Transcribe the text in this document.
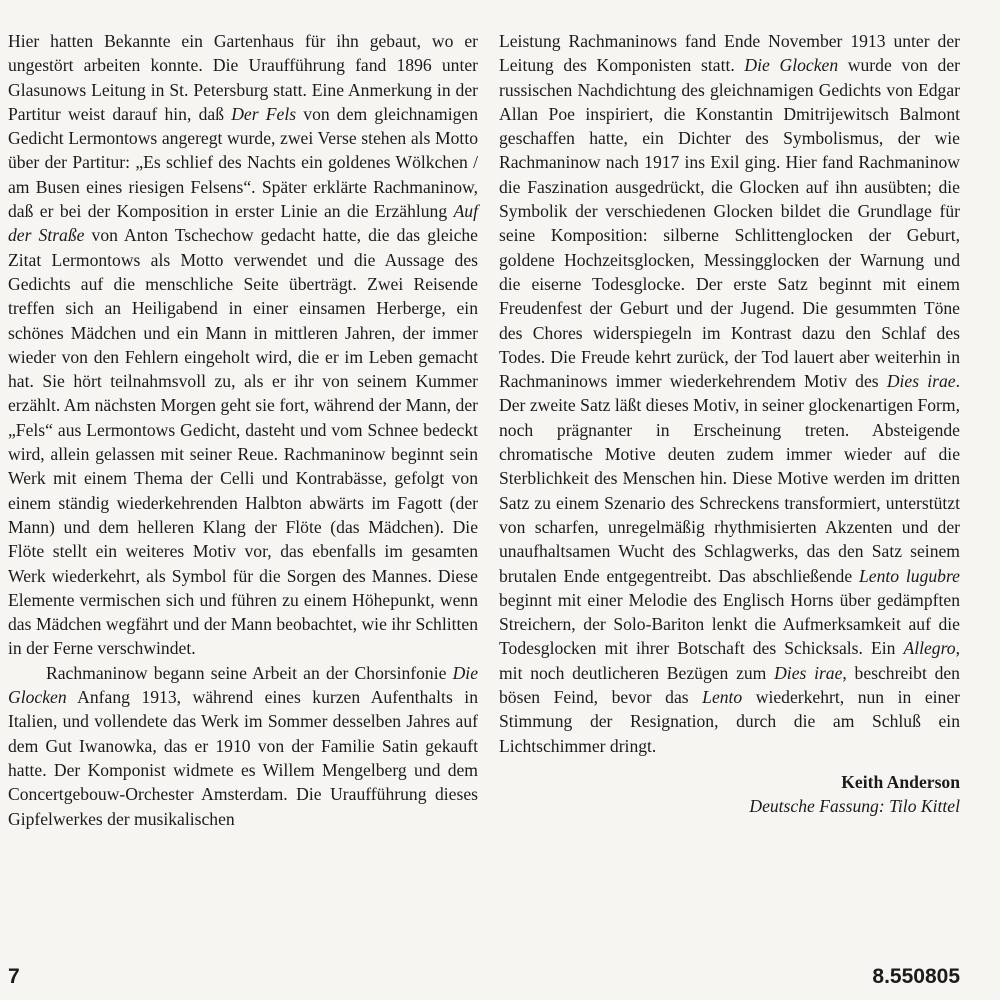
Hier hatten Bekannte ein Gartenhaus für ihn gebaut, wo er ungestört arbeiten konnte. Die Uraufführung fand 1896 unter Glasunows Leitung in St. Petersburg statt. Eine Anmerkung in der Partitur weist darauf hin, daß Der Fels von dem gleichnamigen Gedicht Lermontows angeregt wurde, zwei Verse stehen als Motto über der Partitur: „Es schlief des Nachts ein goldenes Wölkchen / am Busen eines riesigen Felsens“. Später erklärte Rachmaninow, daß er bei der Komposition in erster Linie an die Erzählung Auf der Straße von Anton Tschechow gedacht hatte, die das gleiche Zitat Lermontows als Motto verwendet und die Aussage des Gedichts auf die menschliche Seite überträgt. Zwei Reisende treffen sich an Heiligabend in einer einsamen Herberge, ein schönes Mädchen und ein Mann in mittleren Jahren, der immer wieder von den Fehlern eingeholt wird, die er im Leben gemacht hat. Sie hört teilnahmsvoll zu, als er ihr von seinem Kummer erzählt. Am nächsten Morgen geht sie fort, während der Mann, der „Fels“ aus Lermontows Gedicht, dasteht und vom Schnee bedeckt wird, allein gelassen mit seiner Reue. Rachmaninow beginnt sein Werk mit einem Thema der Celli und Kontrabässe, gefolgt von einem ständig wiederkehrenden Halbton abwärts im Fagott (der Mann) und dem helleren Klang der Flöte (das Mädchen). Die Flöte stellt ein weiteres Motiv vor, das ebenfalls im gesamten Werk wiederkehrt, als Symbol für die Sorgen des Mannes. Diese Elemente vermischen sich und führen zu einem Höhepunkt, wenn das Mädchen wegfährt und der Mann beobachtet, wie ihr Schlitten in der Ferne verschwindet.

Rachmaninow begann seine Arbeit an der Chorsinfonie Die Glocken Anfang 1913, während eines kurzen Aufenthalts in Italien, und vollendete das Werk im Sommer desselben Jahres auf dem Gut Iwanowka, das er 1910 von der Familie Satin gekauft hatte. Der Komponist widmete es Willem Mengelberg und dem Concertgebouw-Orchester Amsterdam. Die Uraufführung dieses Gipfelwerkes der musikalischen

Leistung Rachmaninows fand Ende November 1913 unter der Leitung des Komponisten statt. Die Glocken wurde von der russischen Nachdichtung des gleichnamigen Gedichts von Edgar Allan Poe inspiriert, die Konstantin Dmitrijewitsch Balmont geschaffen hatte, ein Dichter des Symbolismus, der wie Rachmaninow nach 1917 ins Exil ging. Hier fand Rachmaninow die Faszination ausgedrückt, die Glocken auf ihn ausübten; die Symbolik der verschiedenen Glocken bildet die Grundlage für seine Komposition: silberne Schlittenglocken der Geburt, goldene Hochzeitsglocken, Messingglocken der Warnung und die eiserne Todesglocke. Der erste Satz beginnt mit einem Freudenfest der Geburt und der Jugend. Die gesummten Töne des Chores widerspiegeln im Kontrast dazu den Schlaf des Todes. Die Freude kehrt zurück, der Tod lauert aber weiterhin in Rachmaninows immer wiederkehrendem Motiv des Dies irae. Der zweite Satz läßt dieses Motiv, in seiner glockenartigen Form, noch prägnanter in Erscheinung treten. Absteigende chromatische Motive deuten zudem immer wieder auf die Sterblichkeit des Menschen hin. Diese Motive werden im dritten Satz zu einem Szenario des Schreckens transformiert, unterstützt von scharfen, unregelmäßig rhythmisierten Akzenten und der unaufhaltsamen Wucht des Schlagwerks, das den Satz seinem brutalen Ende entgegentreibt. Das abschließende Lento lugubre beginnt mit einer Melodie des Englisch Horns über gedämpften Streichern, der Solo-Bariton lenkt die Aufmerksamkeit auf die Todesglocken mit ihrer Botschaft des Schicksals. Ein Allegro, mit noch deutlicheren Bezügen zum Dies irae, beschreibt den bösen Feind, bevor das Lento wiederkehrt, nun in einer Stimmung der Resignation, durch die am Schluß ein Lichtschimmer dringt.

Keith Anderson
Deutsche Fassung: Tilo Kittel
7	8.550805
